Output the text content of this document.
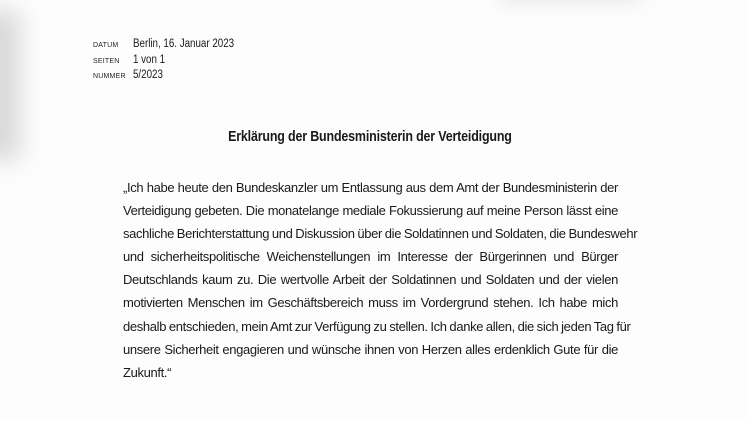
DATUM	Berlin, 16. Januar 2023
SEITEN	1 von 1
NUMMER 5/2023
Erklärung der Bundesministerin der Verteidigung
„Ich habe heute den Bundeskanzler um Entlassung aus dem Amt der Bundesministerin der
Verteidigung gebeten. Die monatelange mediale Fokussierung auf meine Person lässt eine
sachliche Berichterstattung und Diskussion über die Soldatinnen und Soldaten, die Bundeswehr
und sicherheitspolitische Weichenstellungen im Interesse der Bürgerinnen und Bürger
Deutschlands kaum zu. Die wertvolle Arbeit der Soldatinnen und Soldaten und der vielen
motivierten Menschen im Geschäftsbereich muss im Vordergrund stehen. Ich habe mich
deshalb entschieden, mein Amt zur Verfügung zu stellen. Ich danke allen, die sich jeden Tag für
unsere Sicherheit engagieren und wünsche ihnen von Herzen alles erdenklich Gute für die
Zukunft.“
